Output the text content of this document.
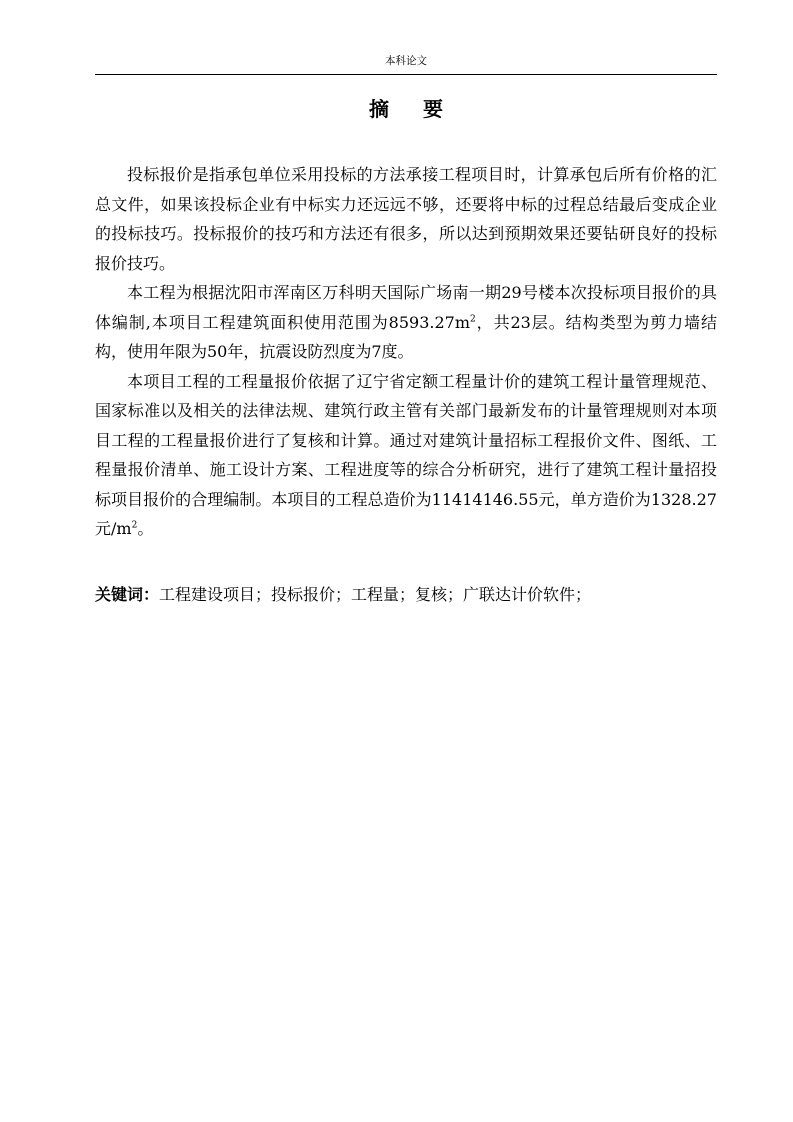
本科论文
摘 要

投标报价是指承包单位采用投标的方法承接工程项目时，计算承包后所有价格的汇总文件，如果该投标企业有中标实力还远远不够，还要将中标的过程总结最后变成企业的投标技巧。投标报价的技巧和方法还有很多，所以达到预期效果还要钻研良好的投标报价技巧。

本工程为根据沈阳市浑南区万科明天国际广场南一期29号楼本次投标项目报价的具体编制,本项目工程建筑面积使用范围为$8593.27m^2$，共23层。结构类型为剪力墙结构，使用年限为50年，抗震设防烈度为7度。

本项目工程的工程量报价依据了辽宁省定额工程量计价的建筑工程计量管理规范、国家标准以及相关的法律法规、建筑行政主管有关部门最新发布的计量管理规则对本项目工程的工程量报价进行了复核和计算。通过对建筑计量招标工程报价文件、图纸、工程量报价清单、施工设计方案、工程进度等的综合分析研究，进行了建筑工程计量招投标项目报价的合理编制。本项目的工程总造价为11414146.55元，单方造价为1328.27元$/m^2$。

关键词：工程建设项目；投标报价；工程量；复核；广联达计价软件；
